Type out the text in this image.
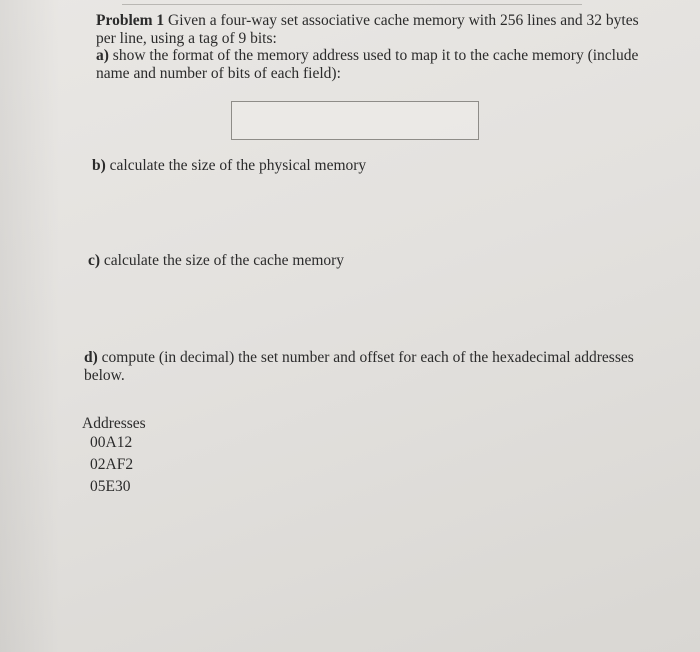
Problem 1 Given a four-way set associative cache memory with 256 lines and 32 bytes
per line, using a tag of 9 bits:
a) show the format of the memory address used to map it to the cache memory (include
name and number of bits of each field):
b) calculate the size of the physical memory
c) calculate the size of the cache memory
d) compute (in decimal) the set number and offset for each of the hexadecimal addresses
below.
Addresses
00A12
02AF2
05E30
